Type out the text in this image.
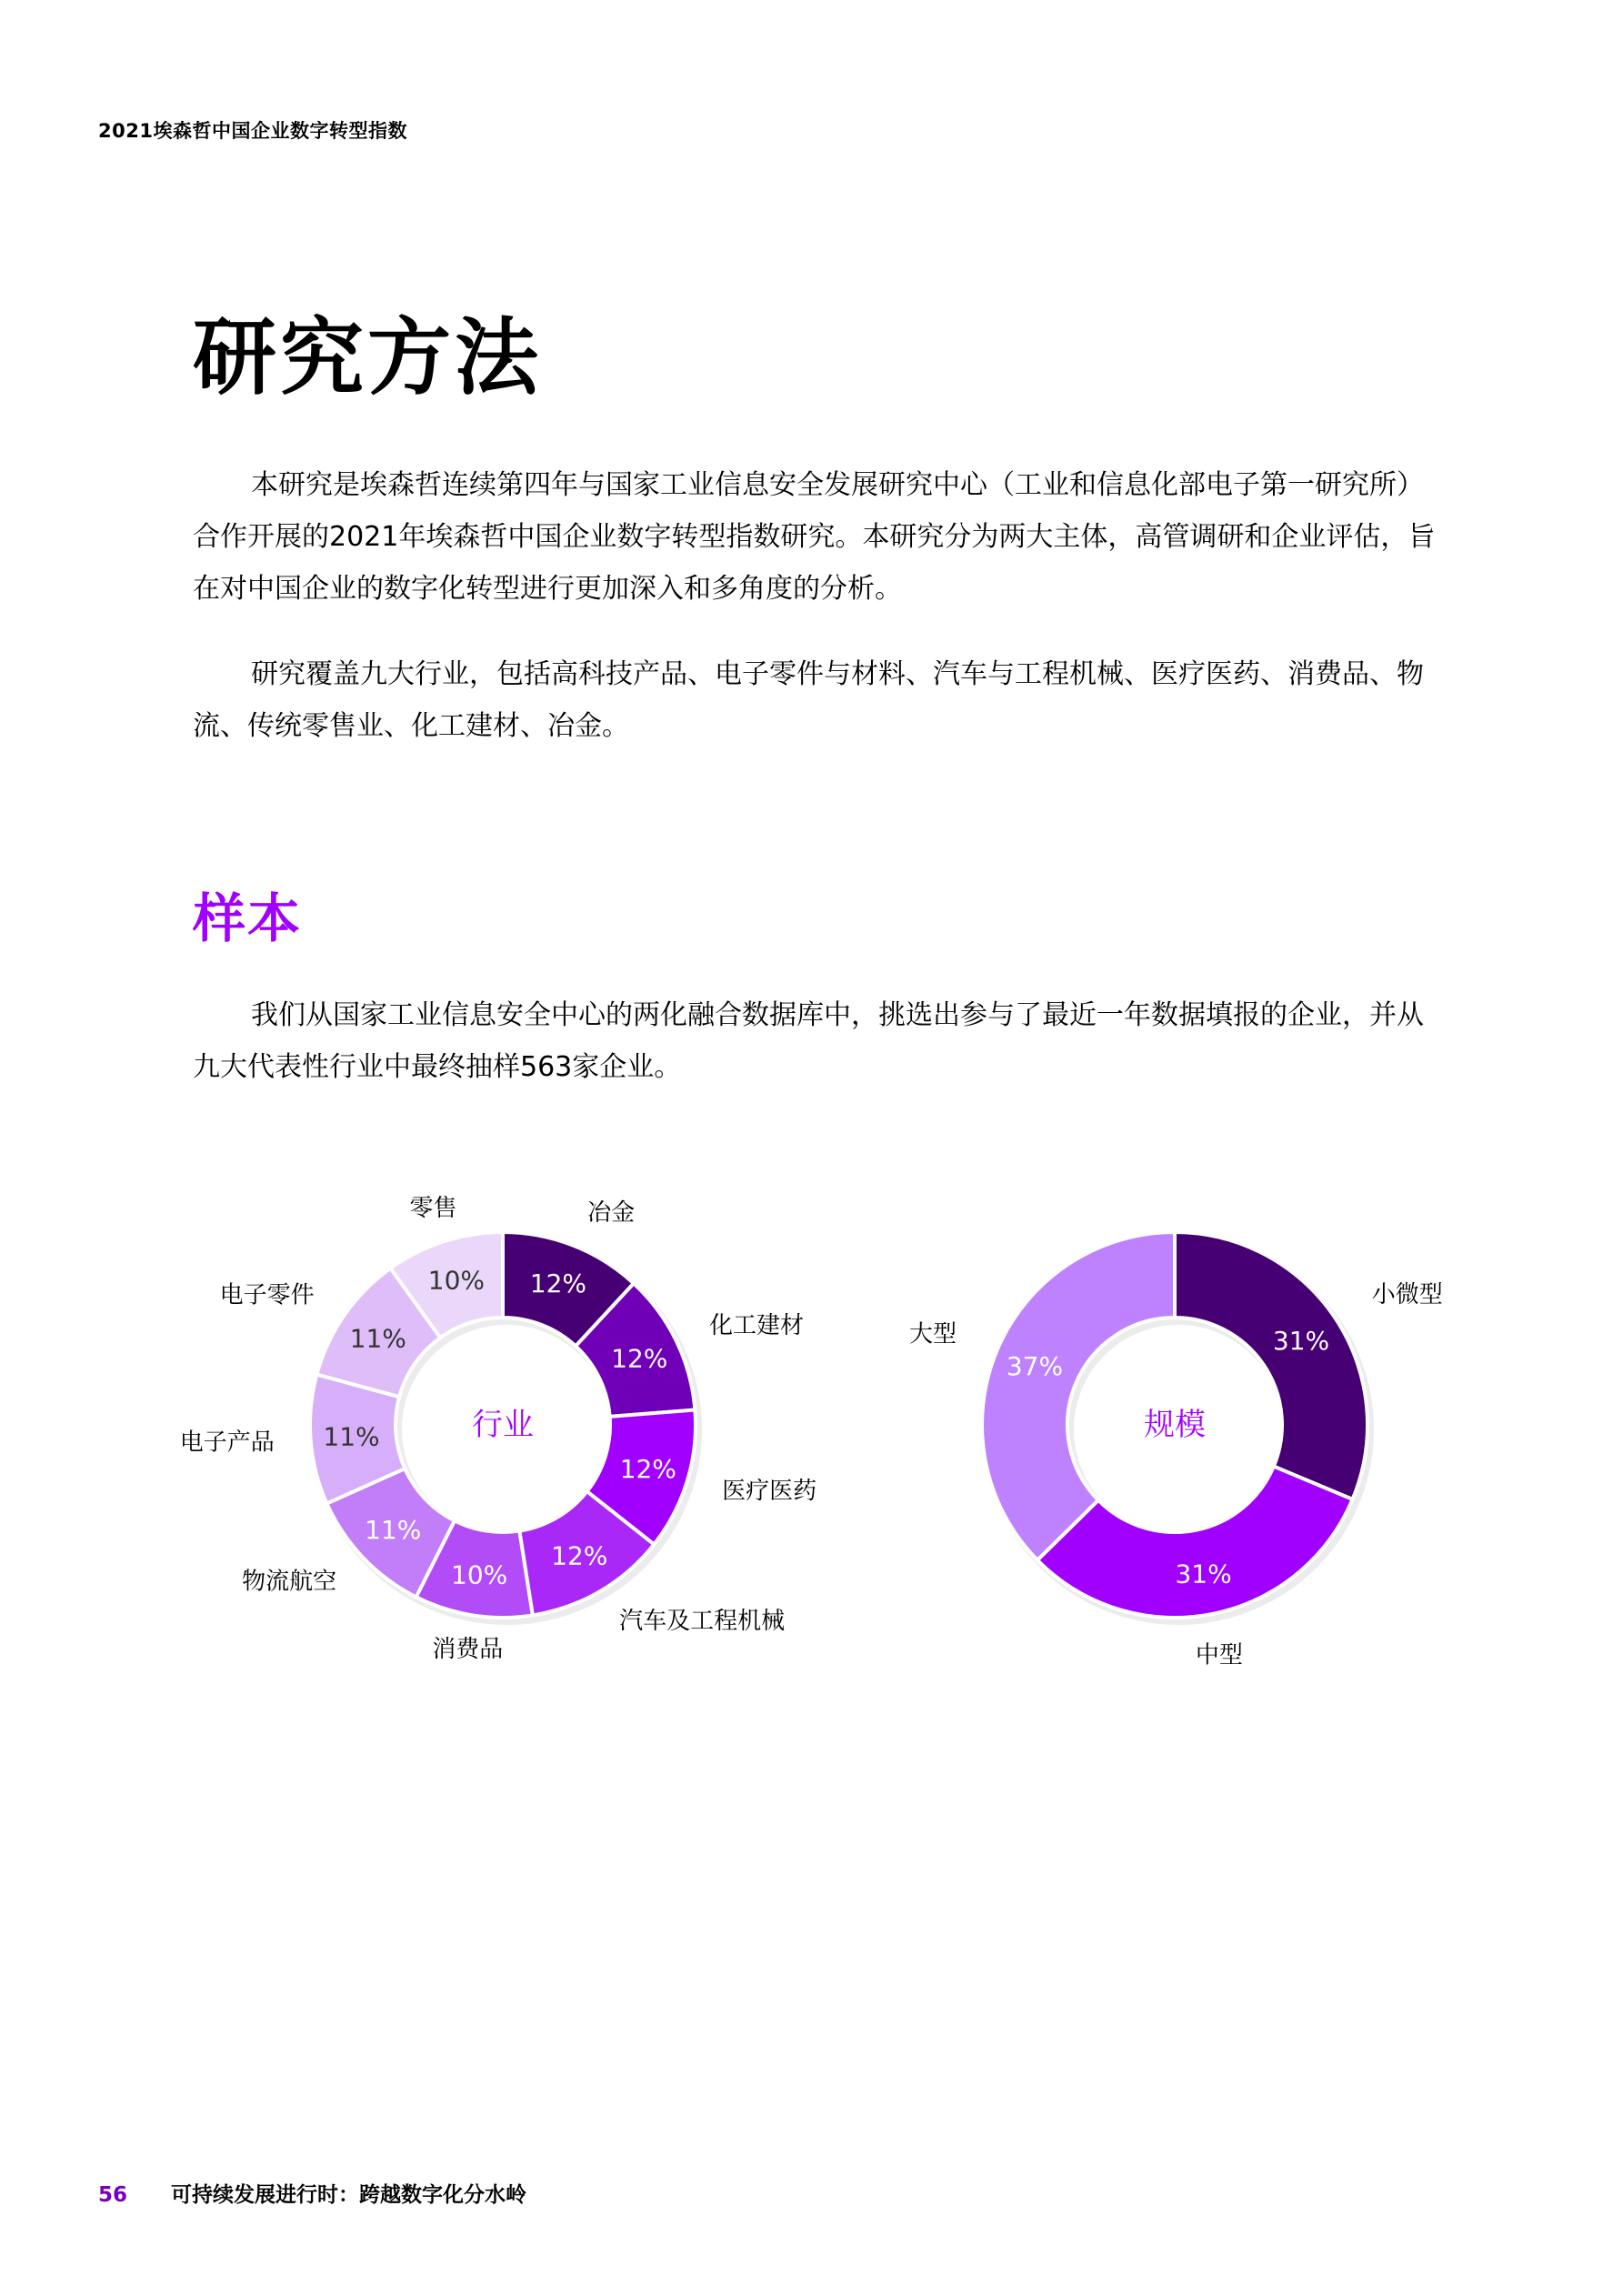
2021埃森哲中国企业数字转型指数
研究方法

本研究是埃森哲连续第四年与国家工业信息安全发展研究中心（工业和信息化部电子第一研究所）合作开展的2021年埃森哲中国企业数字转型指数研究。本研究分为两大主体，高管调研和企业评估，旨在对中国企业的数字化转型进行更加深入和多角度的分析。

研究覆盖九大行业，包括高科技产品、电子零件与材料、汽车与工程机械、医疗医药、消费品、物流、传统零售业、化工建材、冶金。

样本

我们从国家工业信息安全中心的两化融合数据库中，挑选出参与了最近一年数据填报的企业，并从九大代表性行业中最终抽样563家企业。

12%
冶金
12%
化工建材
12%
医疗医药
12%
汽车及工程机械
10%
消费品
11%
物流航空
11%
电子产品
11%
电子零件	10%
零售
行业
31%
小微型
31%
中型
37%
大型
规模
56 可持续发展进行时：跨越数字化分水岭
